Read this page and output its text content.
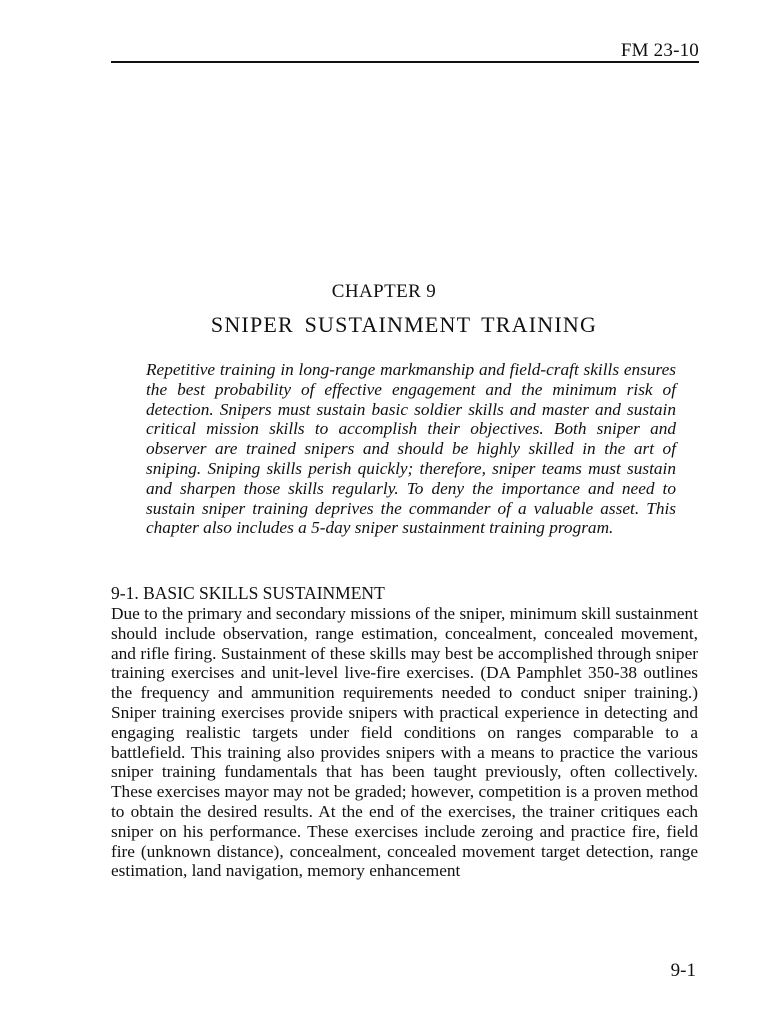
FM 23-10
CHAPTER 9
SNIPER SUSTAINMENT TRAINING
Repetitive training in long-range markmanship and field-craft skills ensures the best probability of effective engagement and the minimum risk of detection. Snipers must sustain basic soldier skills and master and sustain critical mission skills to accomplish their objectives. Both sniper and observer are trained snipers and should be highly skilled in the art of sniping. Sniping skills perish quickly; therefore, sniper teams must sustain and sharpen those skills regularly. To deny the importance and need to sustain sniper training deprives the commander of a valuable asset. This chapter also includes a 5-day sniper sustainment training program.
9-1. BASIC SKILLS SUSTAINMENT
Due to the primary and secondary missions of the sniper, minimum skill sustainment should include observation, range estimation, concealment, concealed movement, and rifle firing. Sustainment of these skills may best be accomplished through sniper training exercises and unit-level live-fire exercises. (DA Pamphlet 350-38 outlines the frequency and ammunition requirements needed to conduct sniper training.) Sniper training exercises provide snipers with practical experience in detecting and engaging realistic targets under field conditions on ranges comparable to a battlefield. This training also provides snipers with a means to practice the various sniper training fundamentals that has been taught previously, often collectively. These exercises mayor may not be graded; however, competition is a proven method to obtain the desired results. At the end of the exercises, the trainer critiques each sniper on his performance. These exercises include zeroing and practice fire, field fire (unknown distance), concealment, concealed movement target detection, range estimation, land navigation, memory enhancement
9-1
